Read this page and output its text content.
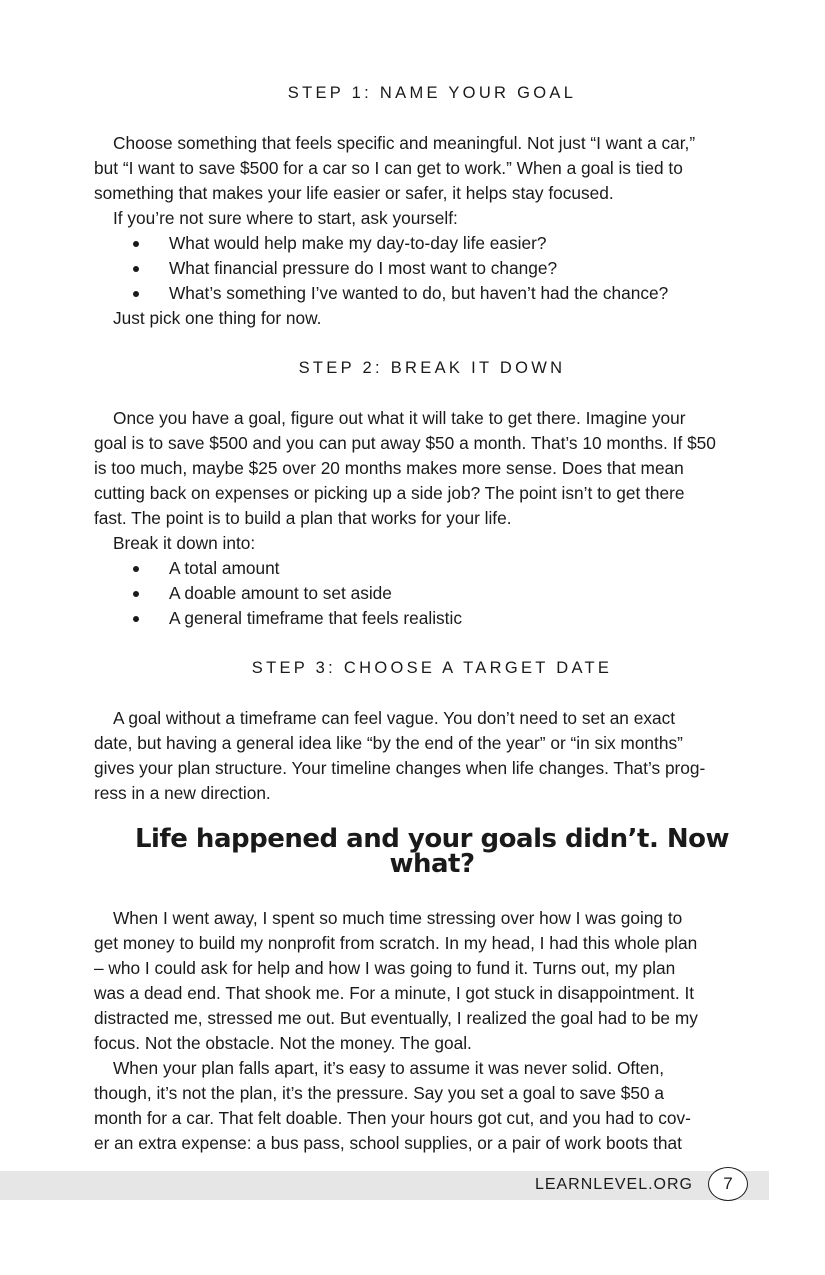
STEP 1: NAME YOUR GOAL
Choose something that feels specific and meaningful. Not just “I want a car,”
but “I want to save $500 for a car so I can get to work.” When a goal is tied to
something that makes your life easier or safer, it helps stay focused.
If you’re not sure where to start, ask yourself:
What would help make my day-to-day life easier?
What financial pressure do I most want to change?
What’s something I’ve wanted to do, but haven’t had the chance?
Just pick one thing for now.
STEP 2: BREAK IT DOWN
Once you have a goal, figure out what it will take to get there. Imagine your
goal is to save $500 and you can put away $50 a month. That’s 10 months. If $50
is too much, maybe $25 over 20 months makes more sense. Does that mean
cutting back on expenses or picking up a side job? The point isn’t to get there
fast. The point is to build a plan that works for your life.
Break it down into:
A total amount
A doable amount to set aside
A general timeframe that feels realistic
STEP 3: CHOOSE A TARGET DATE
A goal without a timeframe can feel vague. You don’t need to set an exact
date, but having a general idea like “by the end of the year” or “in six months”
gives your plan structure. Your timeline changes when life changes. That’s prog-
ress in a new direction.
Life happened and your goals didn’t. Now
what?
When I went away, I spent so much time stressing over how I was going to
get money to build my nonprofit from scratch. In my head, I had this whole plan
– who I could ask for help and how I was going to fund it. Turns out, my plan
was a dead end. That shook me. For a minute, I got stuck in disappointment. It
distracted me, stressed me out. But eventually, I realized the goal had to be my
focus. Not the obstacle. Not the money. The goal.
When your plan falls apart, it’s easy to assume it was never solid. Often,
though, it’s not the plan, it’s the pressure. Say you set a goal to save $50 a
month for a car. That felt doable. Then your hours got cut, and you had to cov-
er an extra expense: a bus pass, school supplies, or a pair of work boots that
LEARNLEVEL.ORG	7
